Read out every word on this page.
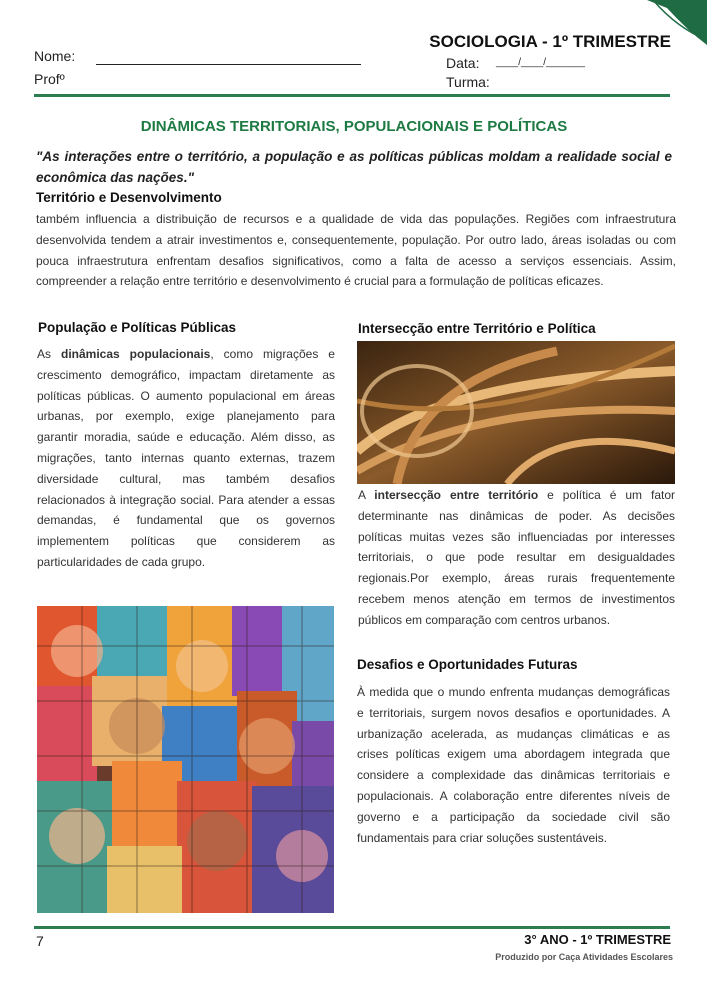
SOCIOLOGIA - 1º TRIMESTRE
Nome:
Profº
Data: ____/____/_______
Turma:
DINÂMICAS TERRITORIAIS, POPULACIONAIS E POLÍTICAS
"As interações entre o território, a população e as políticas públicas moldam a realidade social e econômica das nações."
Território e Desenvolvimento
também influencia a distribuição de recursos e a qualidade de vida das populações. Regiões com infraestrutura desenvolvida tendem a atrair investimentos e, consequentemente, população. Por outro lado, áreas isoladas ou com pouca infraestrutura enfrentam desafios significativos, como a falta de acesso a serviços essenciais. Assim, compreender a relação entre território e desenvolvimento é crucial para a formulação de políticas eficazes.
População e Políticas Públicas
As dinâmicas populacionais, como migrações e crescimento demográfico, impactam diretamente as políticas públicas. O aumento populacional em áreas urbanas, por exemplo, exige planejamento para garantir moradia, saúde e educação. Além disso, as migrações, tanto internas quanto externas, trazem diversidade cultural, mas também desafios relacionados à integração social. Para atender a essas demandas, é fundamental que os governos implementem políticas que considerem as particularidades de cada grupo.
Intersecção entre Território e Política
A intersecção entre território e política é um fator determinante nas dinâmicas de poder. As decisões políticas muitas vezes são influenciadas por interesses territoriais, o que pode resultar em desigualdades regionais.Por exemplo, áreas rurais frequentemente recebem menos atenção em termos de investimentos públicos em comparação com centros urbanos.
Desafios e Oportunidades Futuras
À medida que o mundo enfrenta mudanças demográficas e territoriais, surgem novos desafios e oportunidades. A urbanização acelerada, as mudanças climáticas e as crises políticas exigem uma abordagem integrada que considere a complexidade das dinâmicas territoriais e populacionais. A colaboração entre diferentes níveis de governo e a participação da sociedade civil são fundamentais para criar soluções sustentáveis.
7	3° ANO - 1º TRIMESTRE
Produzido por Caça Atividades Escolares
